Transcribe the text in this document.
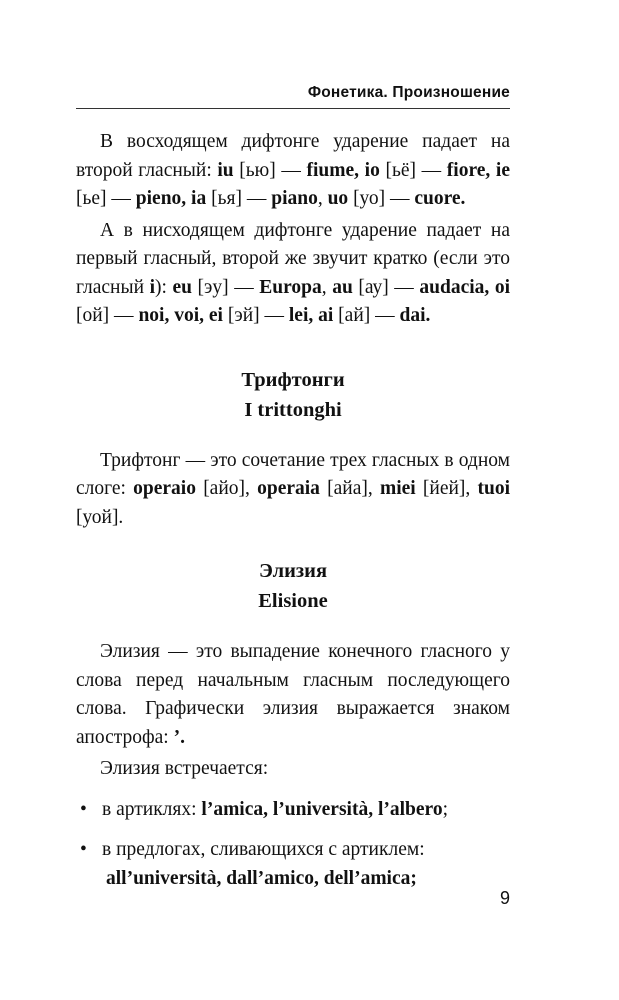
Фонетика. Произношение

В восходящем дифтонге ударение падает на второй гласный: iu [ью] — fiume, io [ьё] — fiore, ie [ье] — pieno, ia [ья] — piano, uo [уо] — cuore.

А в нисходящем дифтонге ударение падает на первый гласный, второй же звучит кратко (если это гласный i): eu [эу] — Europa, au [ау] — audacia, oi [ой] — noi, voi, ei [эй] — lei, ai [ай] — dai.

Трифтонги
I trittonghi

Трифтонг — это сочетание трех гласных в одном слоге: operaio [айо], operaia [айа], miei [йей], tuoi [уой].

Элизия
Elisione

Элизия — это выпадение конечного гласного у слова перед начальным гласным последующего слова. Графически элизия выражается знаком апострофа: ’.

Элизия встречается:

• в артиклях: l’amica, l’università, l’albero;
• в предлогах, сливающихся с артиклем:
all’università, dall’amico, dell’amica;
9
